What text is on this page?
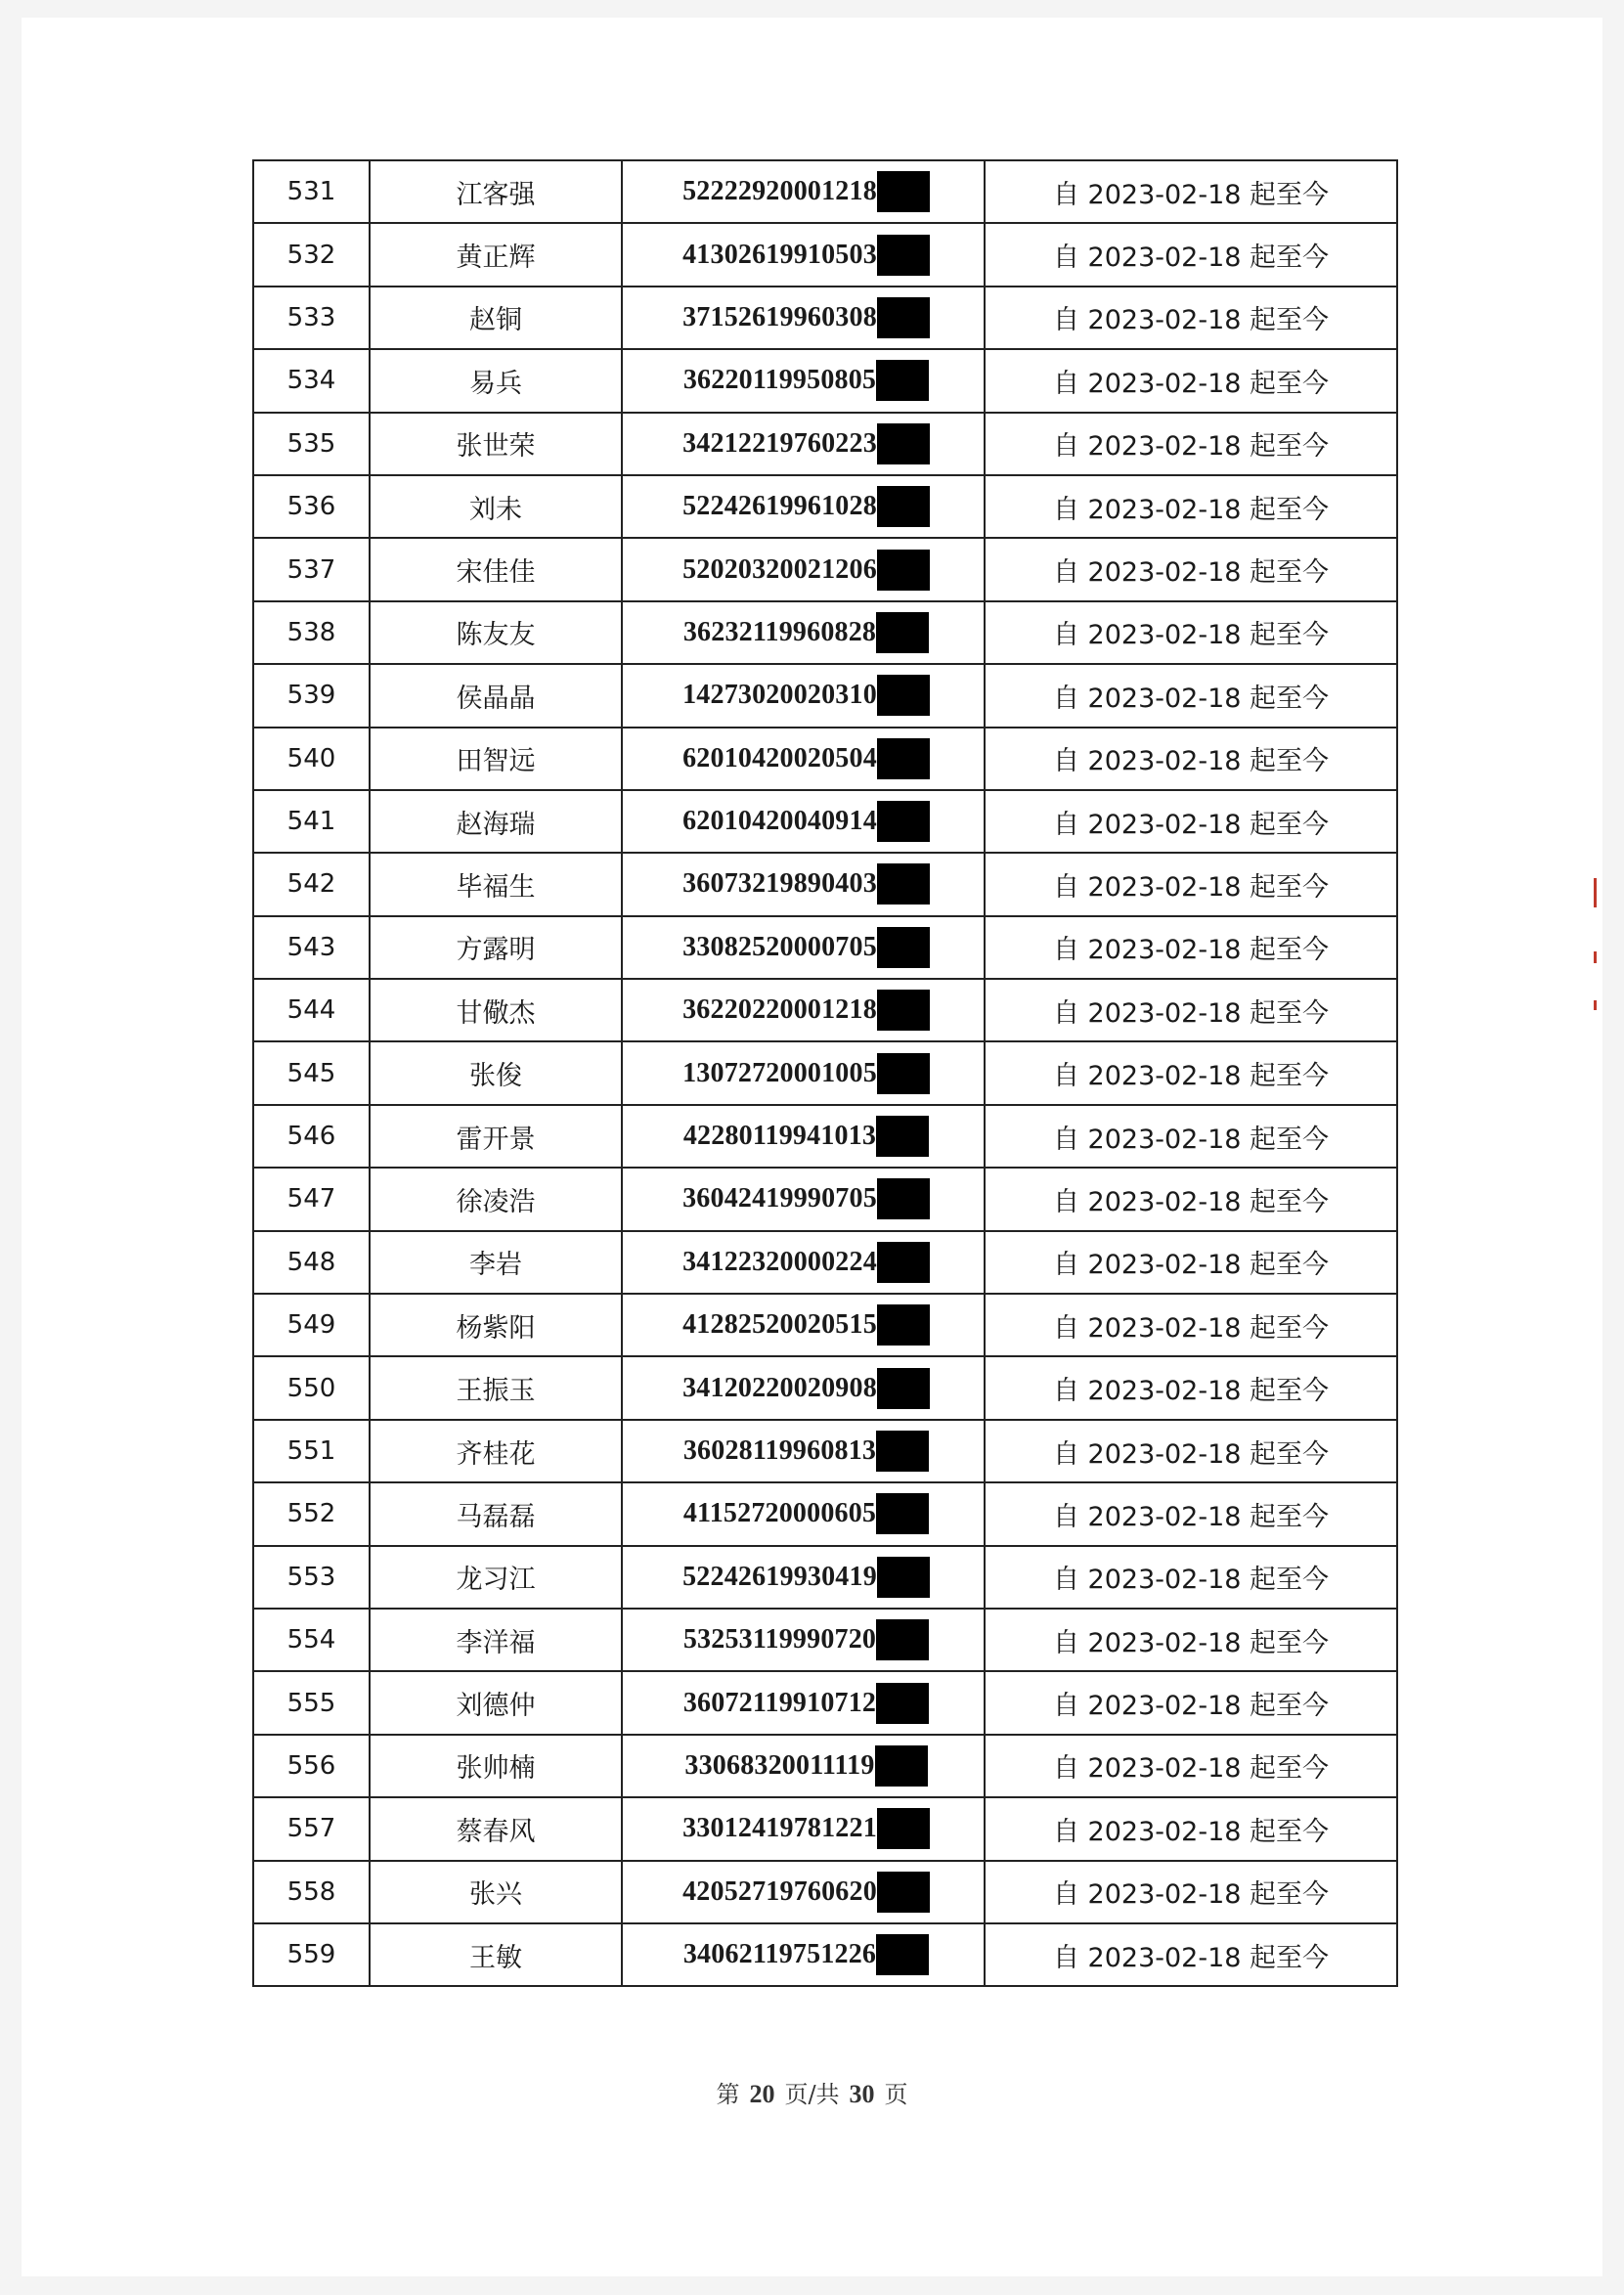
531	江客强	52222920001218	自 2023-02-18 起至今
532	黄正辉	41302619910503	自 2023-02-18 起至今
533	赵铜	37152619960308	自 2023-02-18 起至今
534	易兵	36220119950805	自 2023-02-18 起至今
535	张世荣	34212219760223	自 2023-02-18 起至今
536	刘未	52242619961028	自 2023-02-18 起至今
537	宋佳佳	52020320021206	自 2023-02-18 起至今
538	陈友友	36232119960828	自 2023-02-18 起至今
539	侯晶晶	14273020020310	自 2023-02-18 起至今
540	田智远	62010420020504	自 2023-02-18 起至今
541	赵海瑞	62010420040914	自 2023-02-18 起至今
542	毕福生	36073219890403	自 2023-02-18 起至今
543	方露明	33082520000705	自 2023-02-18 起至今
544	甘儆杰	36220220001218	自 2023-02-18 起至今
545	张俊	13072720001005	自 2023-02-18 起至今
546	雷开景	42280119941013	自 2023-02-18 起至今
547	徐凌浩	36042419990705	自 2023-02-18 起至今
548	李岩	34122320000224	自 2023-02-18 起至今
549	杨紫阳	41282520020515	自 2023-02-18 起至今
550	王振玉	34120220020908	自 2023-02-18 起至今
551	齐桂花	36028119960813	自 2023-02-18 起至今
552	马磊磊	41152720000605	自 2023-02-18 起至今
553	龙习江	52242619930419	自 2023-02-18 起至今
554	李洋福	53253119990720	自 2023-02-18 起至今
555	刘德仲	36072119910712	自 2023-02-18 起至今
556	张帅楠	33068320011119	自 2023-02-18 起至今
557	蔡春风	33012419781221	自 2023-02-18 起至今
558	张兴	42052719760620	自 2023-02-18 起至今
559	王敏	34062119751226	自 2023-02-18 起至今
第 20 页/共 30 页
